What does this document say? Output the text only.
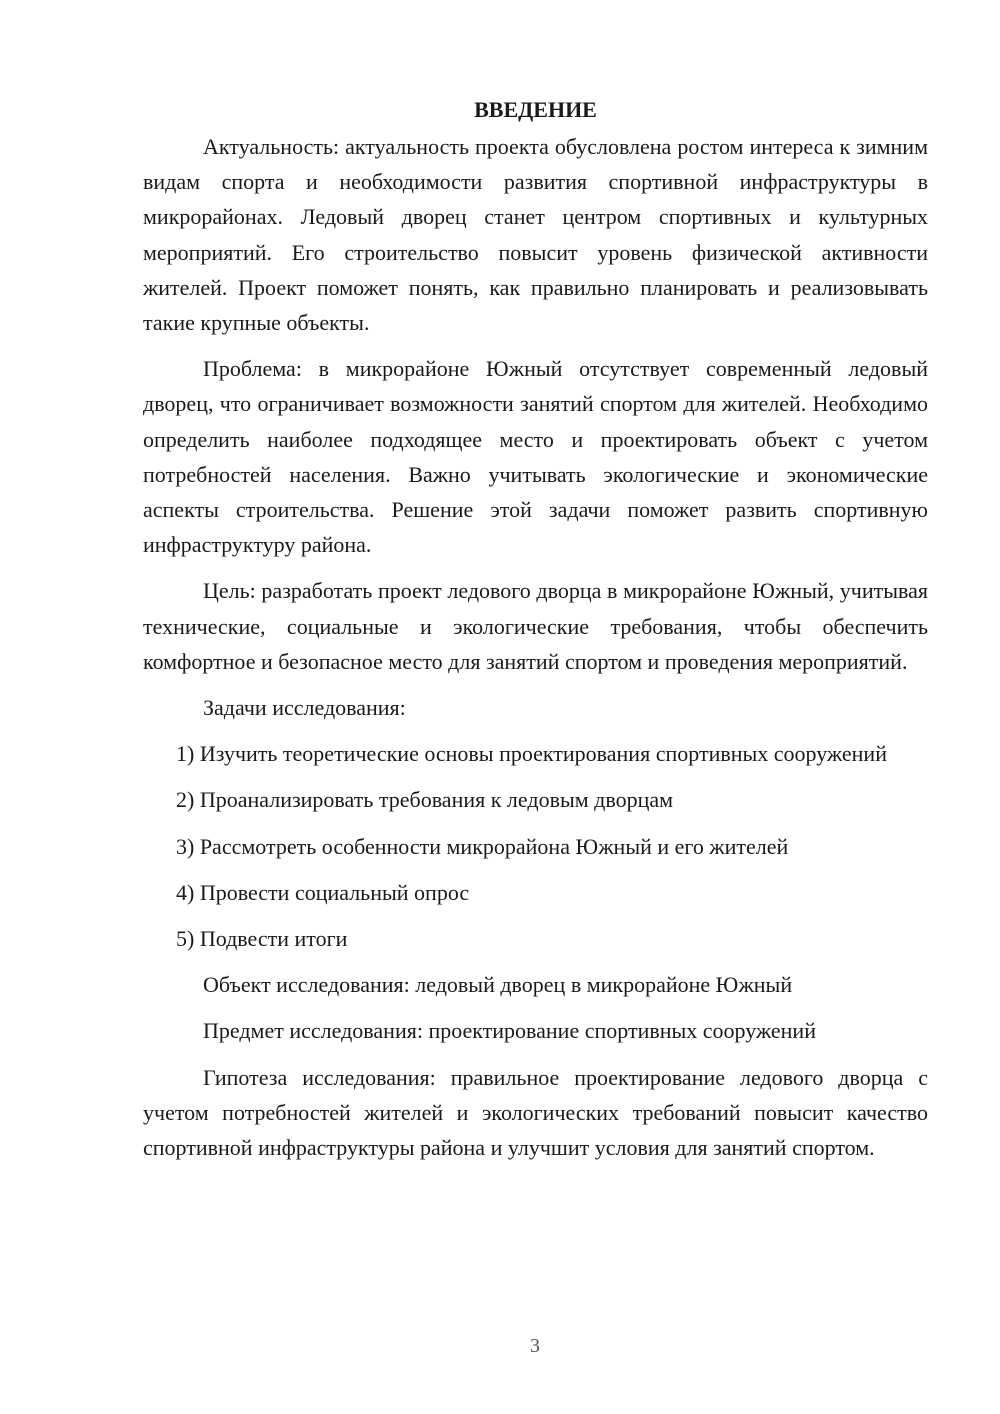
ВВЕДЕНИЕ

Актуальность: актуальность проекта обусловлена ростом интереса к зимним видам спорта и необходимости развития спортивной инфраструктуры в микрорайонах. Ледовый дворец станет центром спортивных и культурных мероприятий. Его строительство повысит уровень физической активности жителей. Проект поможет понять, как правильно планировать и реализовывать такие крупные объекты.

Проблема: в микрорайоне Южный отсутствует современный ледовый дворец, что ограничивает возможности занятий спортом для жителей. Необходимо определить наиболее подходящее место и проектировать объект с учетом потребностей населения. Важно учитывать экологические и экономические аспекты строительства. Решение этой задачи поможет развить спортивную инфраструктуру района.

Цель: разработать проект ледового дворца в микрорайоне Южный, учитывая технические, социальные и экологические требования, чтобы обеспечить комфортное и безопасное место для занятий спортом и проведения мероприятий.

Задачи исследования:

1) Изучить теоретические основы проектирования спортивных сооружений

2) Проанализировать требования к ледовым дворцам

3) Рассмотреть особенности микрорайона Южный и его жителей

4) Провести социальный опрос

5) Подвести итоги

Объект исследования: ледовый дворец в микрорайоне Южный

Предмет исследования: проектирование спортивных сооружений

Гипотеза исследования: правильное проектирование ледового дворца с учетом потребностей жителей и экологических требований повысит качество спортивной инфраструктуры района и улучшит условия для занятий спортом.

3
